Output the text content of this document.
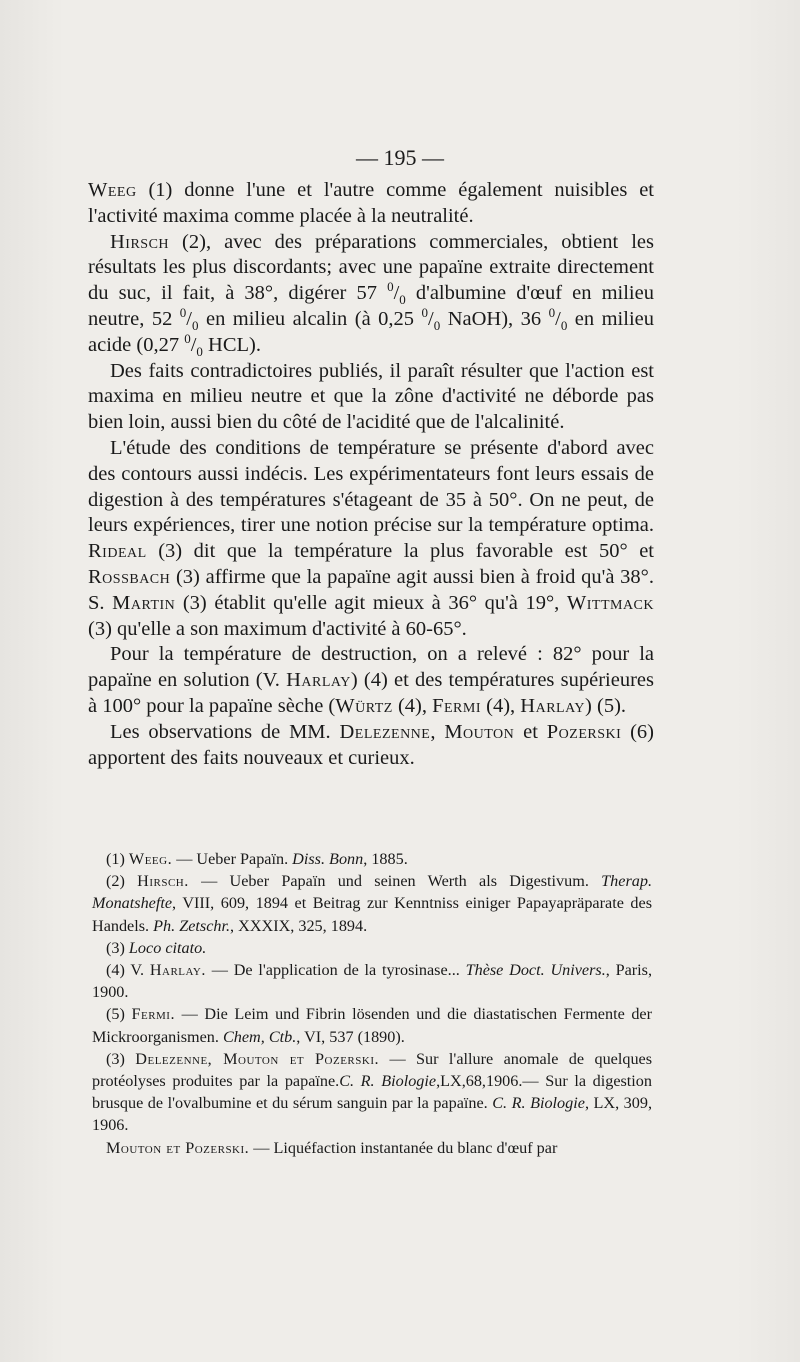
— 195 —

Weeg (1) donne l'une et l'autre comme également nuisibles et l'activité maxima comme placée à la neutralité.

Hirsch (2), avec des préparations commerciales, obtient les résultats les plus discordants; avec une papaïne extraite directement du suc, il fait, à 38°, digérer 57 $^0/_0$ d'albumine d'œuf en milieu neutre, 52 $^0/_0$ en milieu alcalin (à 0,25 $^0/_0$ NaOH), 36 $^0/_0$ en milieu acide (0,27 $^0/_0$ HCL).

Des faits contradictoires publiés, il paraît résulter que l'action est maxima en milieu neutre et que la zône d'activité ne déborde pas bien loin, aussi bien du côté de l'acidité que de l'alcalinité.

L'étude des conditions de température se présente d'abord avec des contours aussi indécis. Les expérimentateurs font leurs essais de digestion à des températures s'étageant de 35 à 50°. On ne peut, de leurs expériences, tirer une notion précise sur la température optima. Rideal (3) dit que la température la plus favorable est 50° et Rossbach (3) affirme que la papaïne agit aussi bien à froid qu'à 38°. S. Martin (3) établit qu'elle agit mieux à 36° qu'à 19°, Wittmack (3) qu'elle a son maximum d'activité à 60-65°.

Pour la température de destruction, on a relevé : 82° pour la papaïne en solution (V. Harlay) (4) et des températures supérieures à 100° pour la papaïne sèche (Würtz (4), Fermi (4), Harlay) (5).

Les observations de MM. Delezenne, Mouton et Pozerski (6) apportent des faits nouveaux et curieux.

(1) Weeg. — Ueber Papaïn. Diss. Bonn, 1885.

(2) Hirsch. — Ueber Papaïn und seinen Werth als Digestivum. Therap. Monatshefte, VIII, 609, 1894 et Beitrag zur Kenntniss einiger Papayapräparate des Handels. Ph. Zetschr., XXXIX, 325, 1894.

(3) Loco citato.

(4) V. Harlay. — De l'application de la tyrosinase... Thèse Doct. Univers., Paris, 1900.

(5) Fermi. — Die Leim und Fibrin lösenden und die diastatischen Fermente der Mickroorganismen. Chem, Ctb., VI, 537 (1890).

(3) Delezenne, Mouton et Pozerski. — Sur l'allure anomale de quelques protéolyses produites par la papaïne.C. R. Biologie,LX,68,1906.— Sur la digestion brusque de l'ovalbumine et du sérum sanguin par la papaïne. C. R. Biologie, LX, 309, 1906.

Mouton et Pozerski. — Liquéfaction instantanée du blanc d'œuf par
